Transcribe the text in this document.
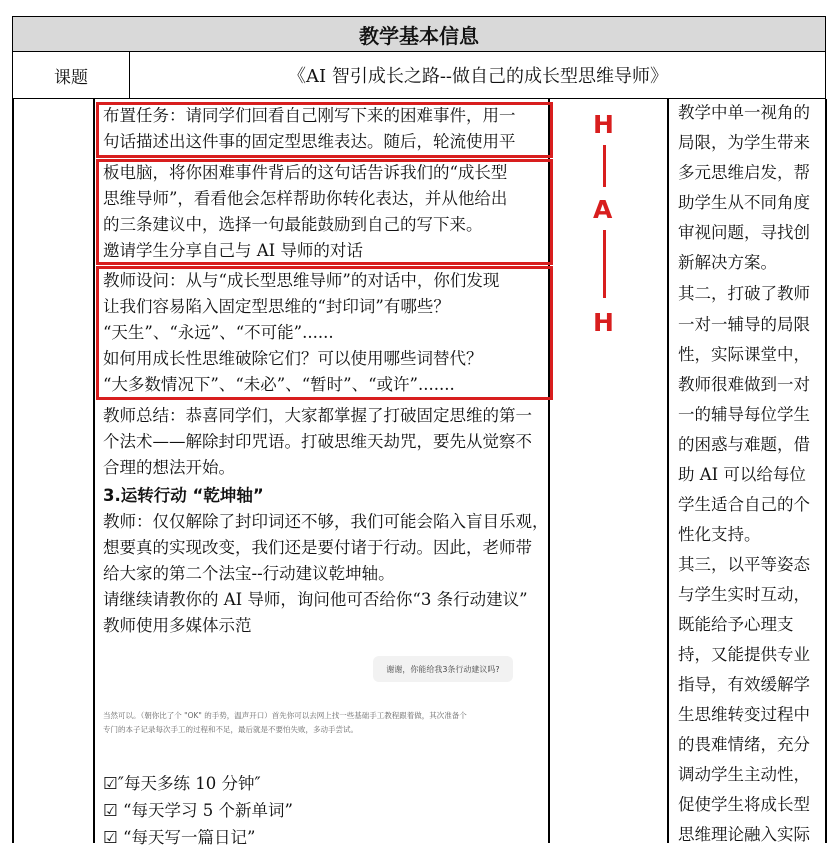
教学基本信息
课题	《AI 智引成长之路--做自己的成长型思维导师》
布置任务：请同学们回看自己刚写下来的困难事件，用一
句话描述出这件事的固定型思维表达。随后，轮流使用平
板电脑，将你困难事件背后的这句话告诉我们的“成长型
思维导师”，看看他会怎样帮助你转化表达，并从他给出
的三条建议中，选择一句最能鼓励到自己的写下来。
邀请学生分享自己与 AI 导师的对话
教师设问：从与“成长型思维导师”的对话中，你们发现
让我们容易陷入固定型思维的“封印词”有哪些？
“天生”、“永远”、“不可能”......
如何用成长性思维破除它们？可以使用哪些词替代？
“大多数情况下”、“未必”、“暂时”、“或许”.......
教师总结：恭喜同学们，大家都掌握了打破固定思维的第一
个法术——解除封印咒语。打破思维天劫咒，要先从觉察不
合理的想法开始。
3.运转行动 “乾坤轴”
教师：仅仅解除了封印词还不够，我们可能会陷入盲目乐观，
想要真的实现改变，我们还是要付诸于行动。因此，老师带
给大家的第二个法宝--行动建议乾坤轴。
请继续请教你的 AI 导师，询问他可否给你“3 条行动建议”
教师使用多媒体示范
谢谢，你能给我3条行动建议吗?
当然可以。（朝你比了个 "OK" 的手势，温声开口）首先你可以去网上找一些基础手工教程跟着做，其次准备个
专门的本子记录每次手工的过程和不足，最后就是不要怕失败，多动手尝试。
☑″每天多练 10 分钟″
☑ “每天学习 5 个新单词”
☑ “每天写一篇日记”
H
A
H
教学中单一视角的
局限，为学生带来
多元思维启发，帮
助学生从不同角度
审视问题，寻找创
新解决方案。
其二，打破了教师
一对一辅导的局限
性，实际课堂中，
教师很难做到一对
一的辅导每位学生
的困惑与难题，借
助 AI 可以给每位
学生适合自己的个
性化支持。
其三，以平等姿态
与学生实时互动，
既能给予心理支
持，又能提供专业
指导，有效缓解学
生思维转变过程中
的畏难情绪，充分
调动学生主动性，
促使学生将成长型
思维理论融入实际
